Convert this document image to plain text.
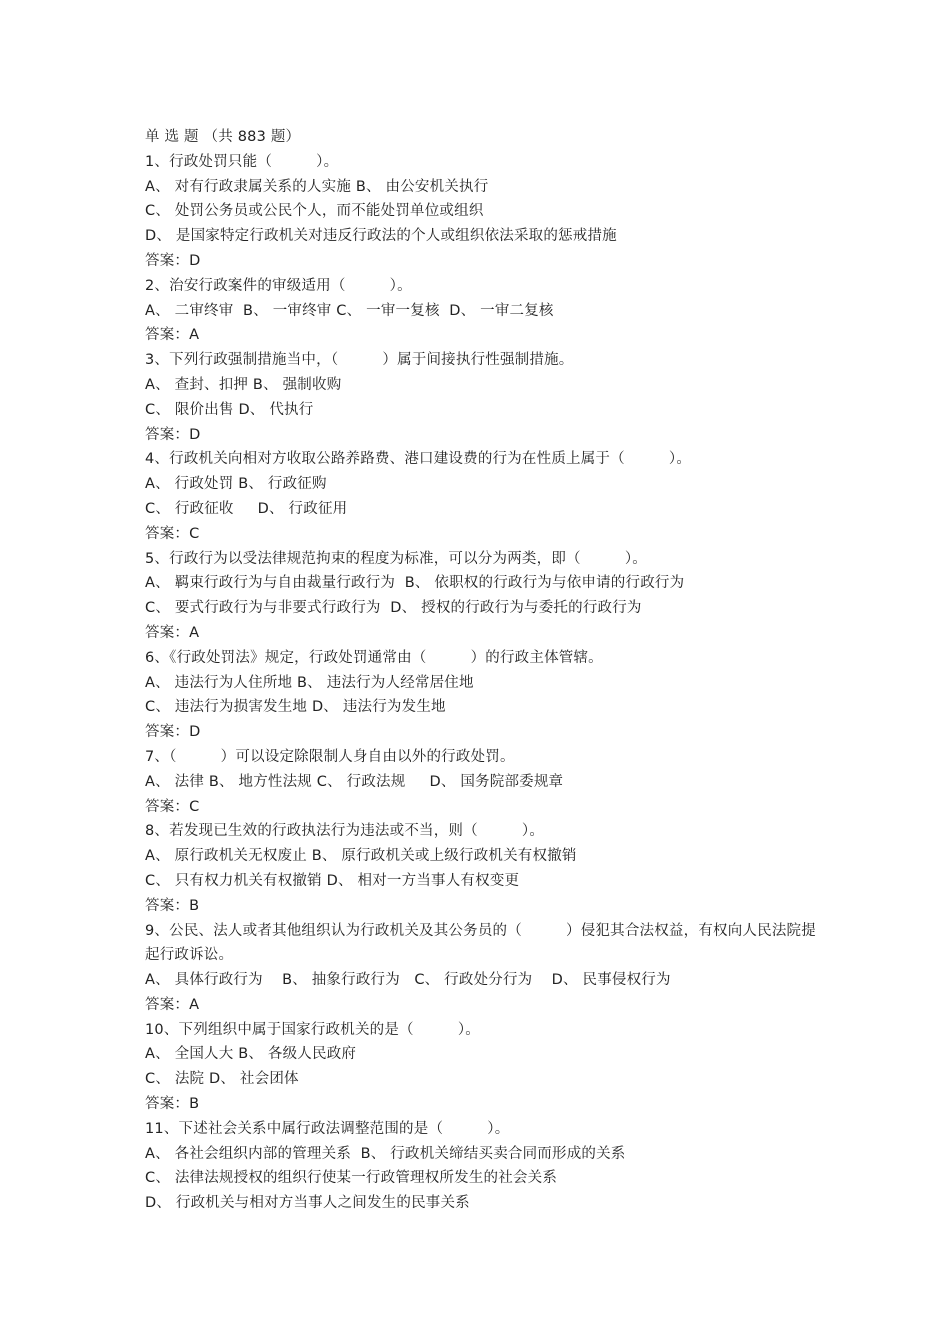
单 选 题 （共 883 题）
1、行政处罚只能（　　　）。
A、 对有行政隶属关系的人实施 B、 由公安机关执行
C、 处罚公务员或公民个人，而不能处罚单位或组织
D、 是国家特定行政机关对违反行政法的个人或组织依法采取的惩戒措施
答案：D
2、治安行政案件的审级适用（　　　）。
A、 二审终审  B、 一审终审 C、 一审一复核  D、 一审二复核
答案：A
3、下列行政强制措施当中，（　　　）属于间接执行性强制措施。
A、 查封、扣押 B、 强制收购
C、 限价出售 D、 代执行
答案：D
4、行政机关向相对方收取公路养路费、港口建设费的行为在性质上属于（　　　）。
A、 行政处罚 B、 行政征购
C、 行政征收     D、 行政征用
答案：C
5、行政行为以受法律规范拘束的程度为标准，可以分为两类，即（　　　）。
A、 羁束行政行为与自由裁量行政行为  B、 依职权的行政行为与依申请的行政行为
C、 要式行政行为与非要式行政行为  D、 授权的行政行为与委托的行政行为
答案：A
6、《行政处罚法》规定，行政处罚通常由（　　　）的行政主体管辖。
A、 违法行为人住所地 B、 违法行为人经常居住地
C、 违法行为损害发生地 D、 违法行为发生地
答案：D
7、（　　　）可以设定除限制人身自由以外的行政处罚。
A、 法律 B、 地方性法规 C、 行政法规     D、 国务院部委规章
答案：C
8、若发现已生效的行政执法行为违法或不当，则（　　　）。
A、 原行政机关无权废止 B、 原行政机关或上级行政机关有权撤销
C、 只有权力机关有权撤销 D、 相对一方当事人有权变更
答案：B
9、公民、法人或者其他组织认为行政机关及其公务员的（　　　）侵犯其合法权益，有权向人民法院提起行政诉讼。
A、 具体行政行为    B、 抽象行政行为   C、 行政处分行为    D、 民事侵权行为
答案：A
10、下列组织中属于国家行政机关的是（　　　）。
A、 全国人大 B、 各级人民政府
C、 法院 D、 社会团体
答案：B
11、下述社会关系中属行政法调整范围的是（　　　）。
A、 各社会组织内部的管理关系  B、 行政机关缔结买卖合同而形成的关系
C、 法律法规授权的组织行使某一行政管理权所发生的社会关系
D、 行政机关与相对方当事人之间发生的民事关系
